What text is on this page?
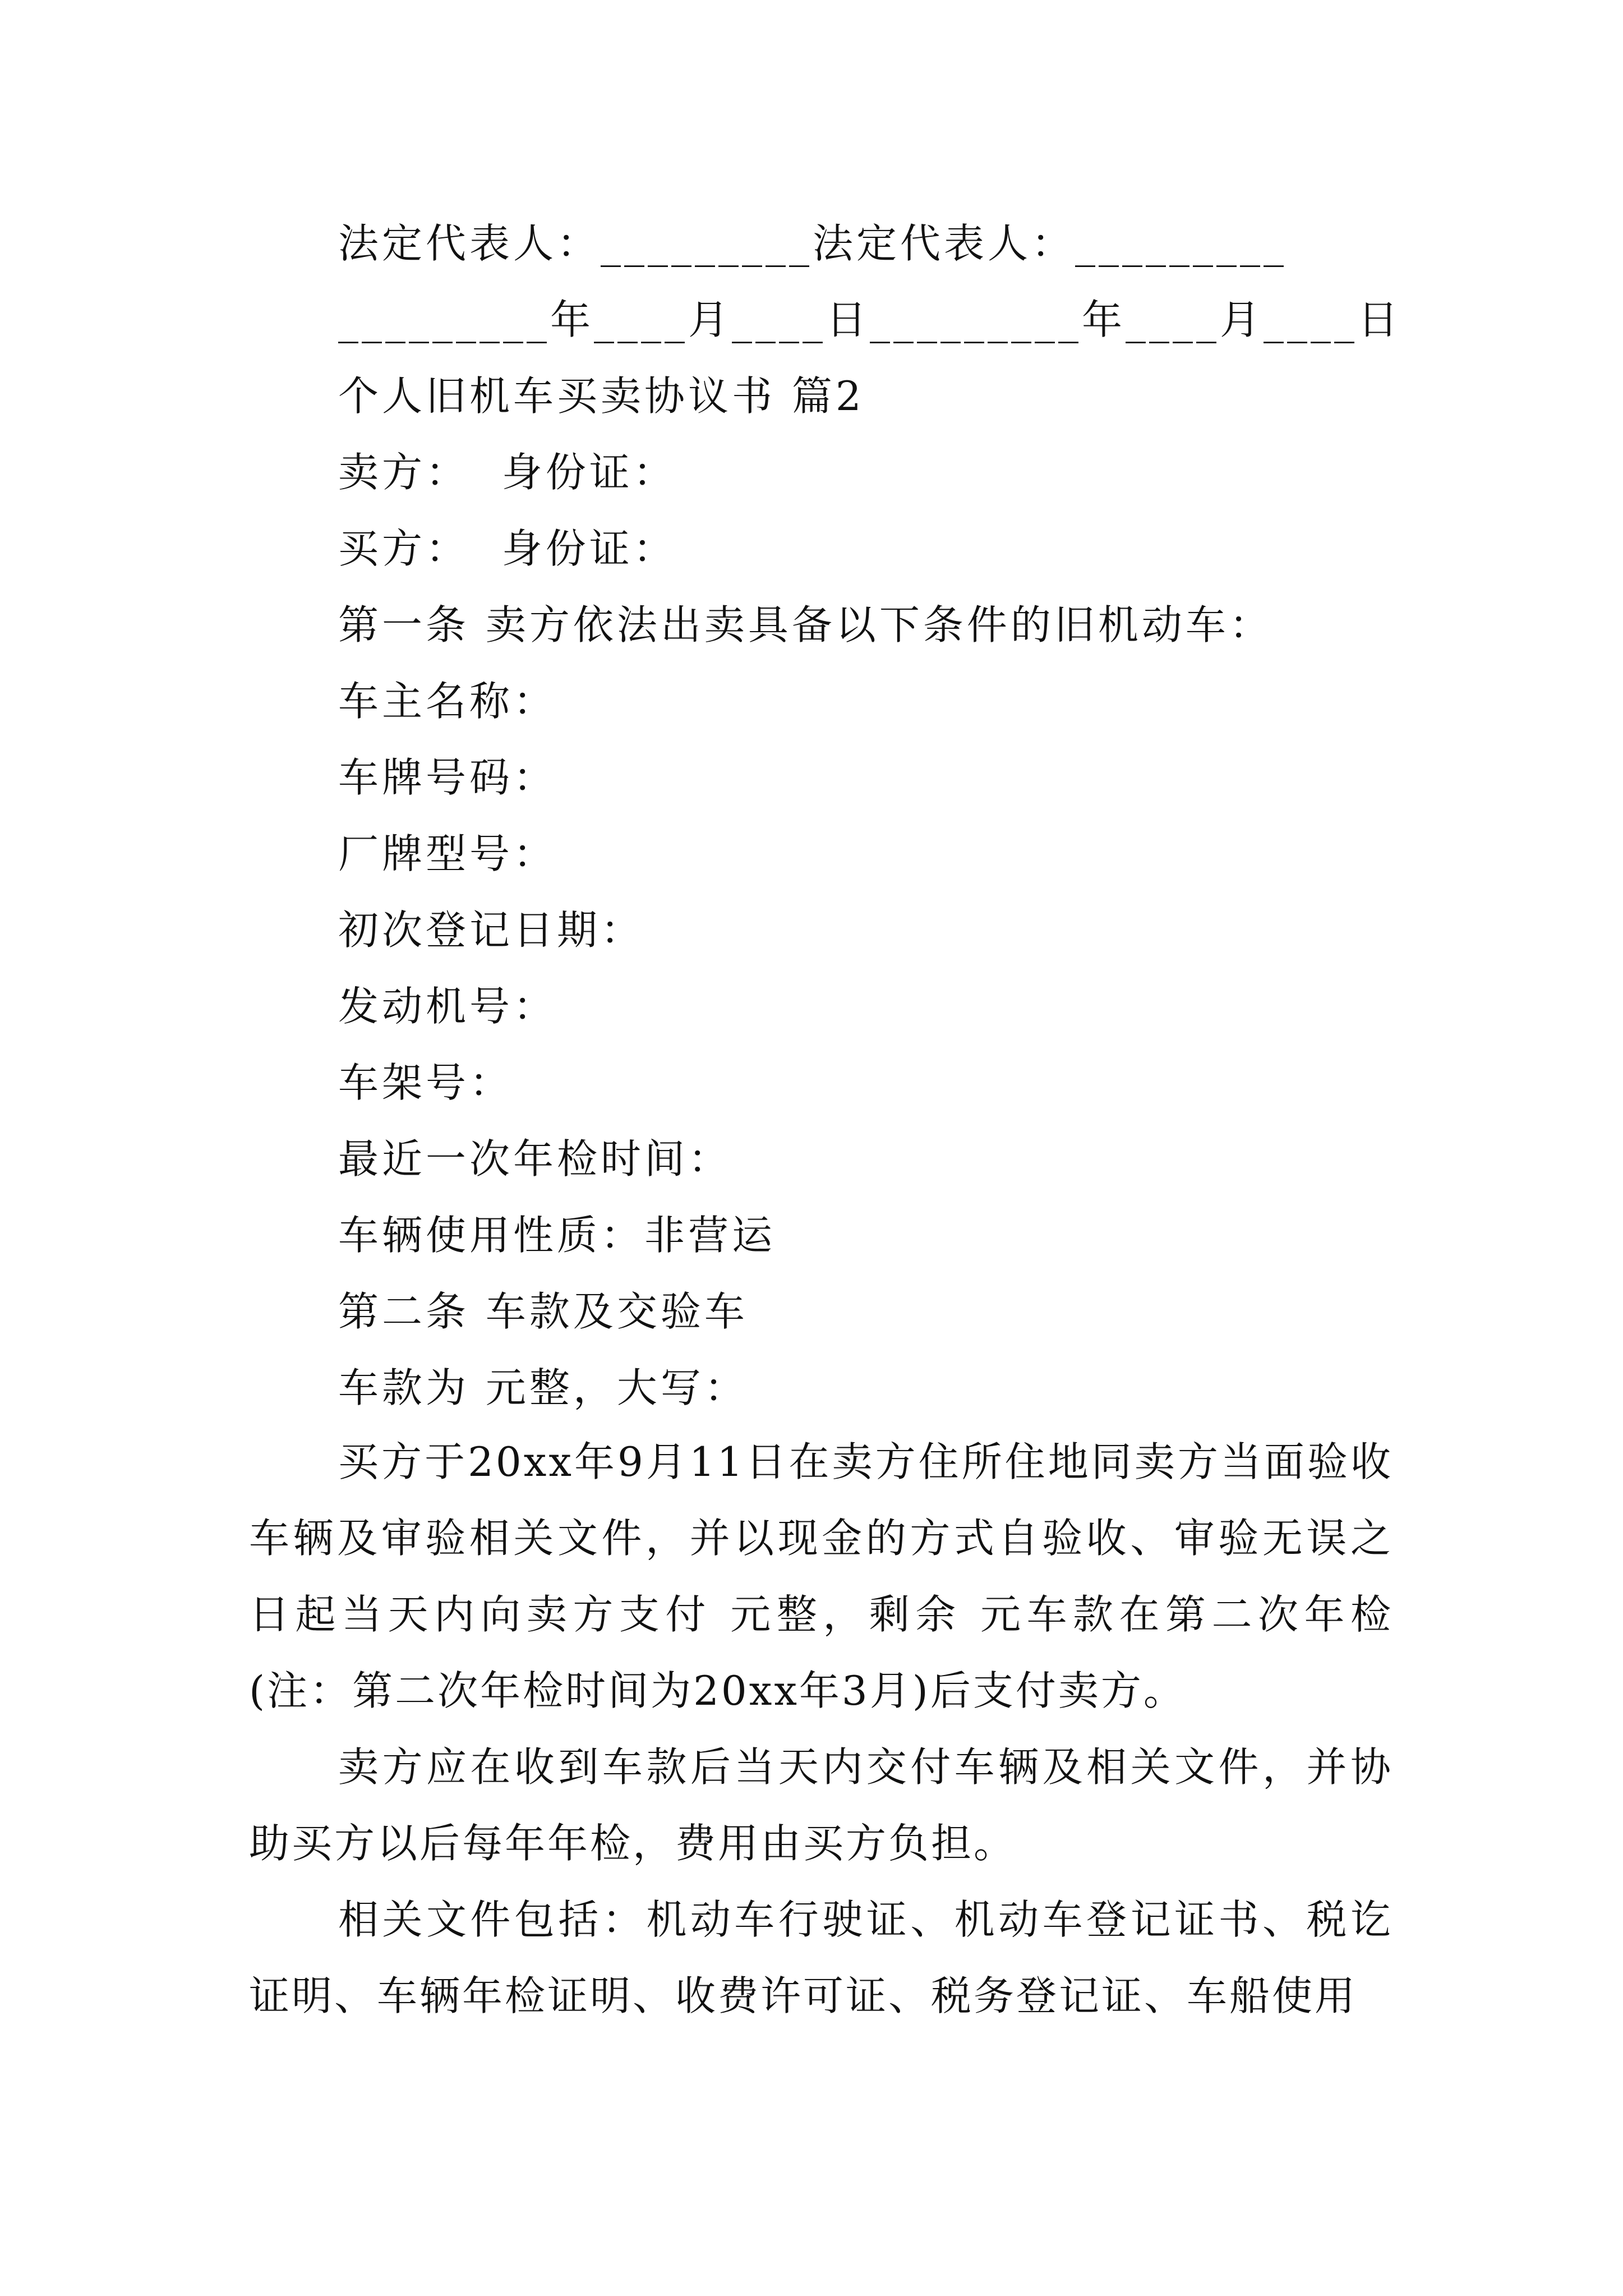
法定代表人：_________法定代表人：_________
_________年____月____日_________年____月____日
个人旧机车买卖协议书 篇2
卖方：  身份证：
买方：  身份证：
第一条 卖方依法出卖具备以下条件的旧机动车：
车主名称：
车牌号码：
厂牌型号：
初次登记日期：
发动机号：
车架号：
最近一次年检时间：
车辆使用性质：非营运
第二条 车款及交验车
车款为 元整，大写：
买方于20xx年9月11日在卖方住所住地同卖方当面验收车辆及审验相关文件，并以现金的方式自验收、审验无误之日起当天内向卖方支付 元整，剩余 元车款在第二次年检(注：第二次年检时间为20xx年3月)后支付卖方。
卖方应在收到车款后当天内交付车辆及相关文件，并协助买方以后每年年检，费用由买方负担。
相关文件包括：机动车行驶证、机动车登记证书、税讫证明、车辆年检证明、收费许可证、税务登记证、车船使用
